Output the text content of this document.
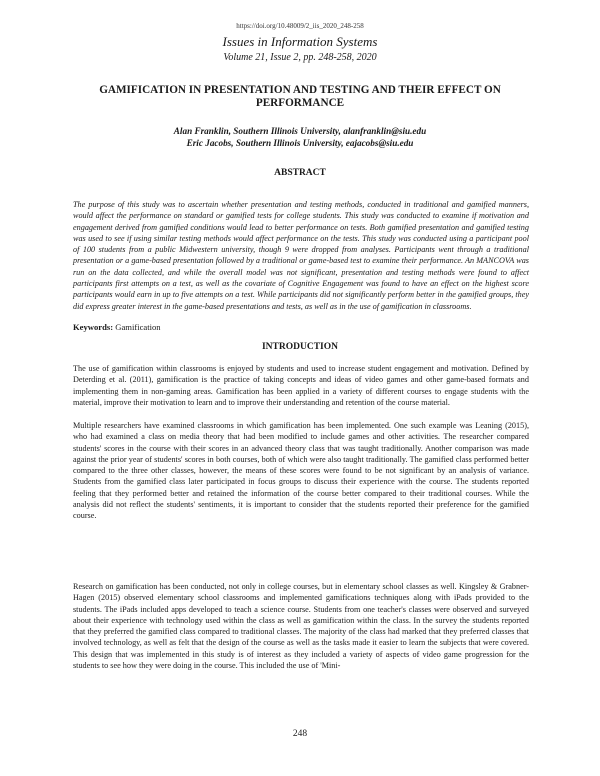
https://doi.org/10.48009/2_iis_2020_248-258
Issues in Information Systems
Volume 21, Issue 2, pp. 248-258, 2020
GAMIFICATION IN PRESENTATION AND TESTING AND THEIR EFFECT ON PERFORMANCE
Alan Franklin, Southern Illinois University, alanfranklin@siu.edu
Eric Jacobs, Southern Illinois University, eajacobs@siu.edu
ABSTRACT

The purpose of this study was to ascertain whether presentation and testing methods, conducted in traditional and gamified manners, would affect the performance on standard or gamified tests for college students. This study was conducted to examine if motivation and engagement derived from gamified conditions would lead to better performance on tests. Both gamified presentation and gamified testing was used to see if using similar testing methods would affect performance on the tests. This study was conducted using a participant pool of 100 students from a public Midwestern university, though 9 were dropped from analyses. Participants went through a traditional presentation or a game-based presentation followed by a traditional or game-based test to examine their performance. An MANCOVA was run on the data collected, and while the overall model was not significant, presentation and testing methods were found to affect participants first attempts on a test, as well as the covariate of Cognitive Engagement was found to have an effect on the highest score participants would earn in up to five attempts on a test. While participants did not significantly perform better in the gamified groups, they did express greater interest in the game-based presentations and tests, as well as in the use of gamification in classrooms.

Keywords: Gamification
INTRODUCTION

The use of gamification within classrooms is enjoyed by students and used to increase student engagement and motivation. Defined by Deterding et al. (2011), gamification is the practice of taking concepts and ideas of video games and other game-based formats and implementing them in non-gaming areas. Gamification has been applied in a variety of different courses to engage students with the material, improve their motivation to learn and to improve their understanding and retention of the course material.

Multiple researchers have examined classrooms in which gamification has been implemented. One such example was Leaning (2015), who had examined a class on media theory that had been modified to include games and other activities. The researcher compared students' scores in the course with their scores in an advanced theory class that was taught traditionally. Another comparison was made against the prior year of students' scores in both courses, both of which were also taught traditionally. The gamified class performed better compared to the three other classes, however, the means of these scores were found to be not significant by an analysis of variance. Students from the gamified class later participated in focus groups to discuss their experience with the course. The students reported feeling that they performed better and retained the information of the course better compared to their traditional courses. While the analysis did not reflect the students' sentiments, it is important to consider that the students reported their preference for the gamified course.

Research on gamification has been conducted, not only in college courses, but in elementary school classes as well. Kingsley & Grabner-Hagen (2015) observed elementary school classrooms and implemented gamifications techniques along with iPads provided to the students. The iPads included apps developed to teach a science course. Students from one teacher's classes were observed and surveyed about their experience with technology used within the class as well as gamification within the class. In the survey the students reported that they preferred the gamified class compared to traditional classes. The majority of the class had marked that they preferred classes that involved technology, as well as felt that the design of the course as well as the tasks made it easier to learn the subjects that were covered. This design that was implemented in this study is of interest as they included a variety of aspects of video game progression for the students to see how they were doing in the course. This included the use of 'Mini-

248
